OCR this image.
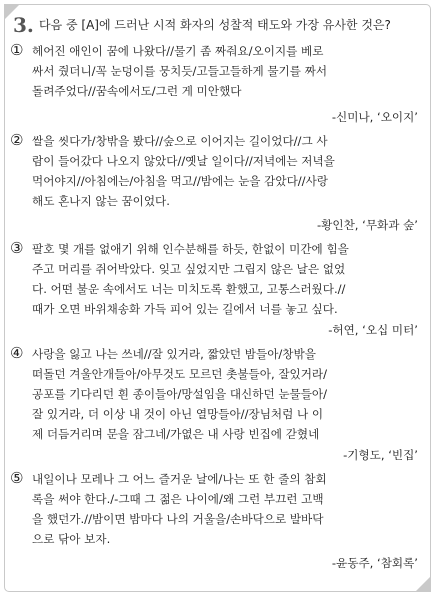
3. 다음 중 [A]에 드러난 시적 화자의 성찰적 태도와 가장 유사한 것은?
① 헤어진 애인이 꿈에 나왔다//물기 좀 짜줘요/오이지를 베로
싸서 줬더니/꼭 눈덩이를 뭉치듯/고들고들하게 물기를 짜서
돌려주었다//꿈속에서도/그런 게 미안했다
-신미나, ‘오이지’
② 쌀을 씻다가/창밖을 봤다//숲으로 이어지는 길이었다//그 사
람이 들어갔다 나오지 않았다//옛날 일이다//저녁에는 저녁을
먹어야지//아침에는/아침을 먹고//밤에는 눈을 감았다//사랑
해도 혼나지 않는 꿈이었다.
-황인찬, ‘무화과 숲’
③ 팔호 몇 개를 없애기 위해 인수분해를 하듯, 한없이 미간에 힘을
주고 머리를 쥐어박았다. 잊고 싶었지만 그립지 않은 날은 없었
다. 어떤 불운 속에서도 너는 미치도록 환했고, 고통스러웠다.//
때가 오면 바위채송화 가득 피어 있는 길에서 너를 놓고 싶다.
-허연, ‘오십 미터’
④ 사랑을 잃고 나는 쓰네//잘 있거라, 짧았던 밤들아/창밖을
떠돌던 겨울안개들아/아무것도 모르던 촛불들아, 잘있거라/
공포를 기다리던 흰 종이들아/망설임을 대신하던 눈물들아/
잘 있거라, 더 이상 내 것이 아닌 열망들아//장님처럼 나 이
제 더듬거리며 문을 잠그네/가엾은 내 사랑 빈집에 갇혔네
-기형도, ‘빈집’
⑤ 내일이나 모레나 그 어느 즐거운 날에/나는 또 한 줄의 참회
록을 써야 한다./-그때 그 젊은 나이에/왜 그런 부끄런 고백
을 했던가.//밤이면 밤마다 나의 거울을/손바닥으로 발바닥
으로 닦아 보자.
-윤동주, ‘참회록’
